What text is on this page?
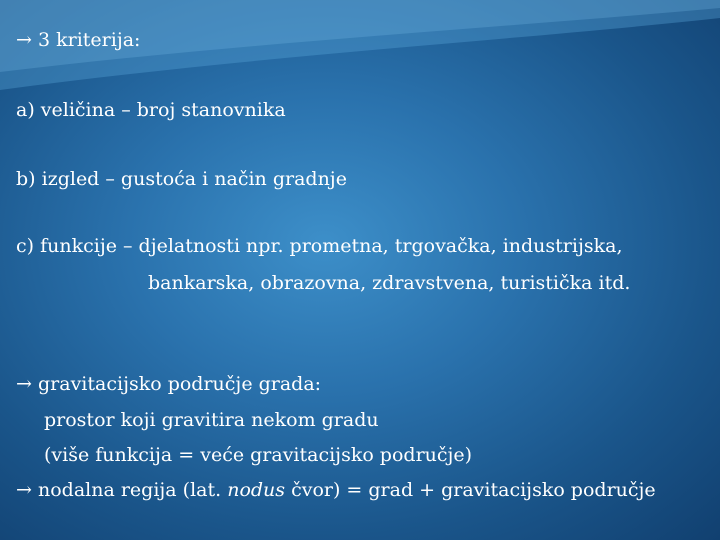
→ 3 kriterija:
a) veličina – broj stanovnika
b) izgled – gustoća i način gradnje
c) funkcije – djelatnosti npr. prometna, trgovačka, industrijska,
bankarska, obrazovna, zdravstvena, turistička itd.
→ gravitacijsko područje grada:
prostor koji gravitira nekom gradu
(više funkcija = veće gravitacijsko područje)
→ nodalna regija (lat. nodus čvor) = grad + gravitacijsko područje
